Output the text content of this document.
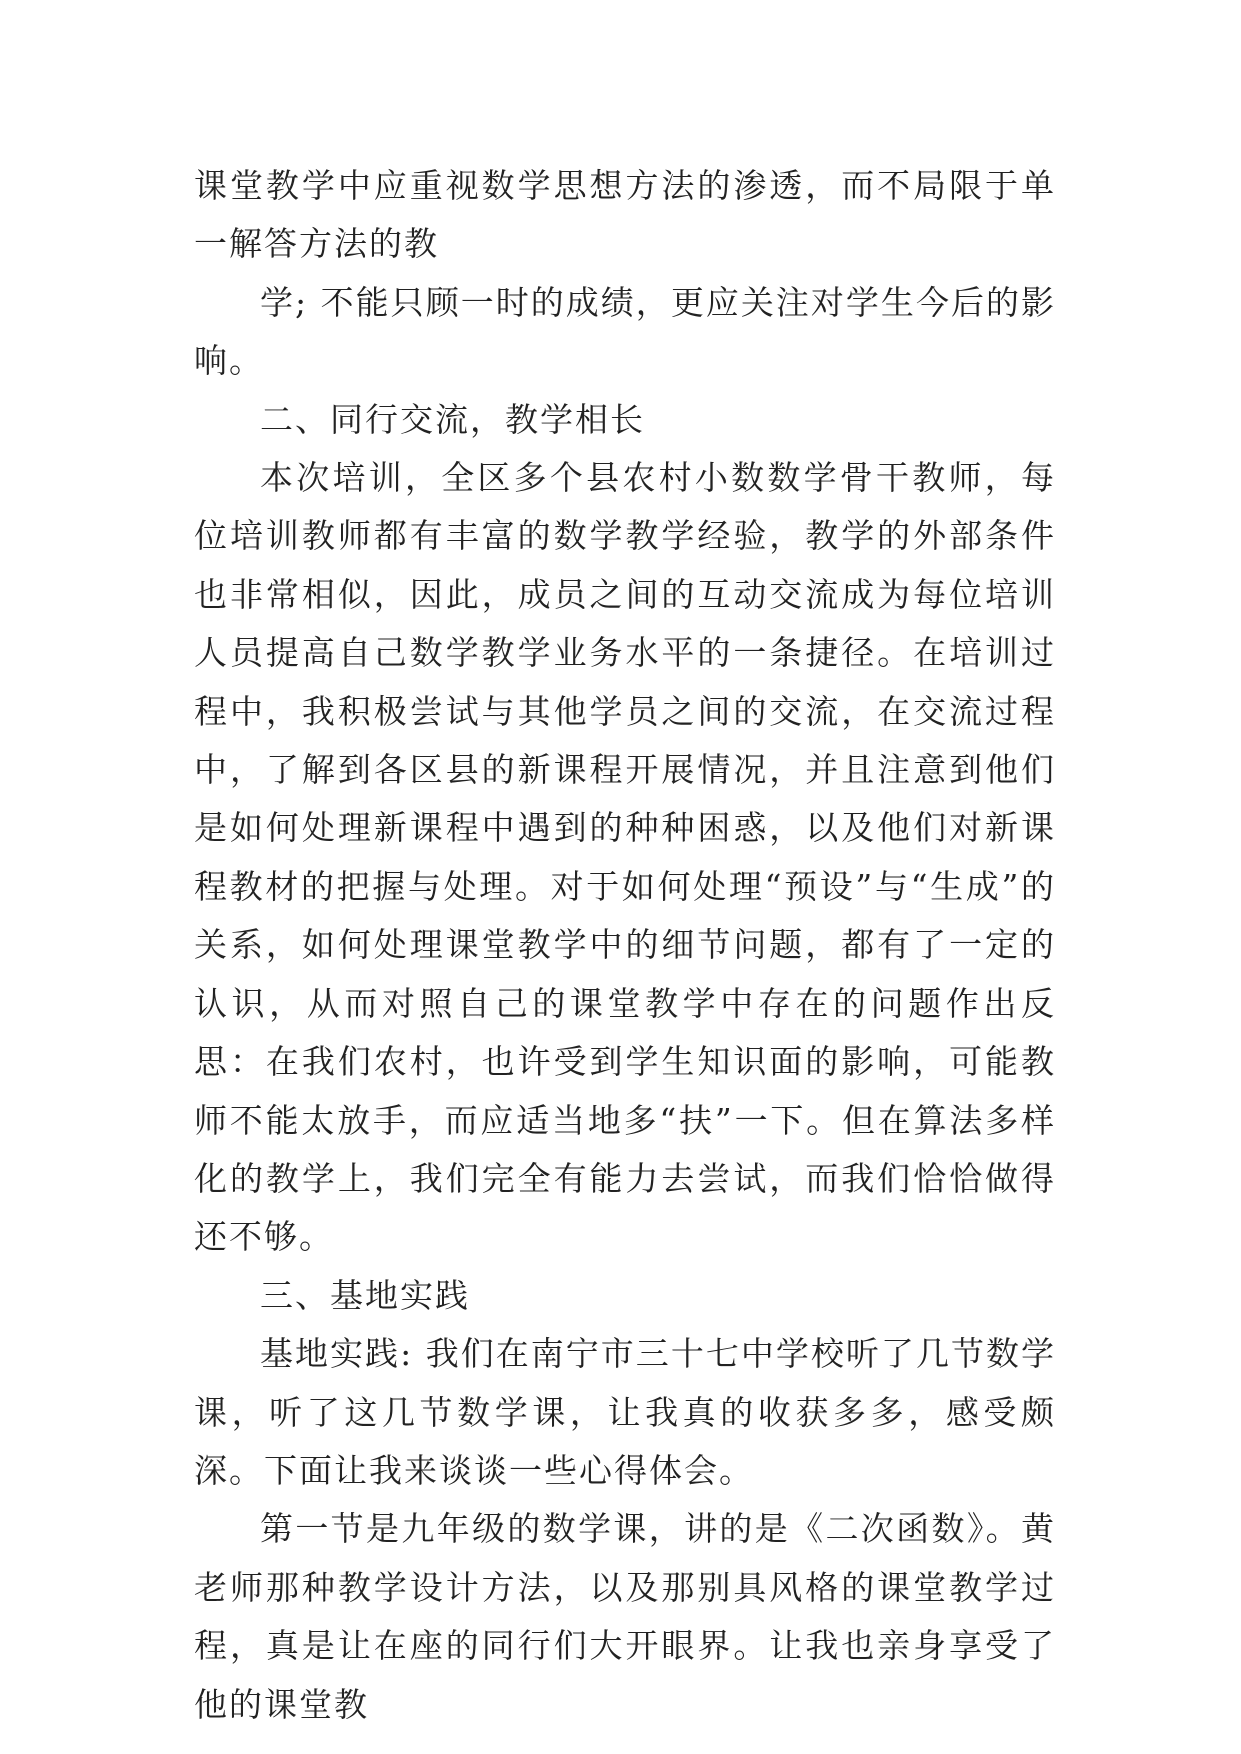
课堂教学中应重视数学思想方法的渗透，而不局限于单一解答方法的教

学; 不能只顾一时的成绩，更应关注对学生今后的影响。

二、同行交流，教学相长

本次培训，全区多个县农村小数数学骨干教师，每位培训教师都有丰富的数学教学经验，教学的外部条件也非常相似，因此，成员之间的互动交流成为每位培训人员提高自己数学教学业务水平的一条捷径。在培训过程中，我积极尝试与其他学员之间的交流，在交流过程中，了解到各区县的新课程开展情况，并且注意到他们是如何处理新课程中遇到的种种困惑，以及他们对新课程教材的把握与处理。对于如何处理“预设”与“生成”的关系，如何处理课堂教学中的细节问题，都有了一定的认识，从而对照自己的课堂教学中存在的问题作出反思：在我们农村，也许受到学生知识面的影响，可能教师不能太放手，而应适当地多“扶”一下。但在算法多样化的教学上，我们完全有能力去尝试，而我们恰恰做得还不够。

三、基地实践

基地实践: 我们在南宁市三十七中学校听了几节数学课，听了这几节数学课，让我真的收获多多，感受颇深。下面让我来谈谈一些心得体会。

第一节是九年级的数学课，讲的是《二次函数》。黄老师那种教学设计方法，以及那别具风格的课堂教学过程，真是让在座的同行们大开眼界。让我也亲身享受了他的课堂教
